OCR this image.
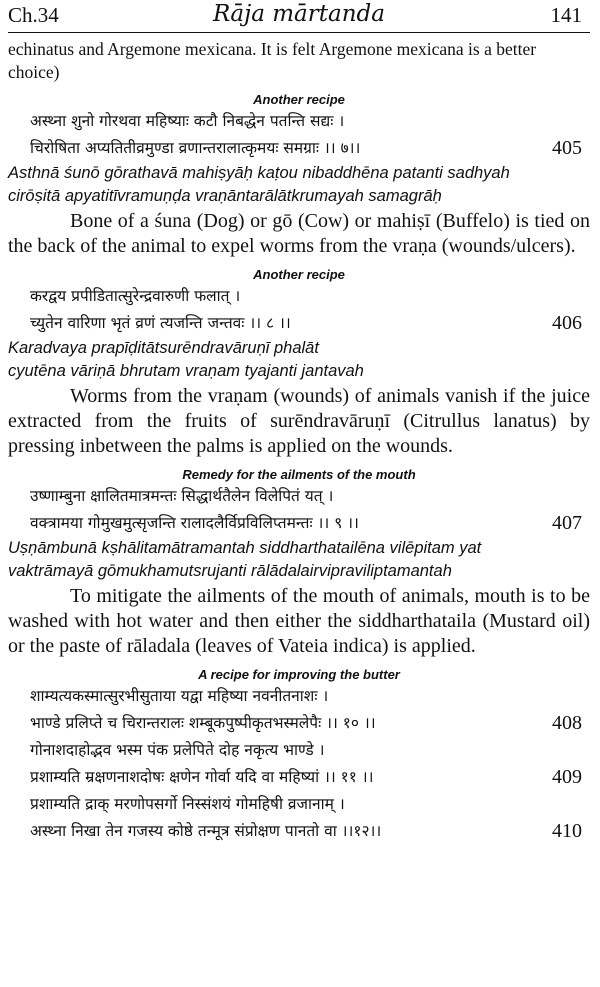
Ch.34	Rāja mārtanda	141

echinatus and Argemone mexicana. It is felt Argemone mexicana is a better choice)

Another recipe
अस्थ्ना शुनो गोरथवा महिष्याः कटौ निबद्धेन पतन्ति सद्यः ।
चिरोषिता अप्यतितीव्रमुण्डा व्रणान्तरालात्कृमयः समग्राः ।। ७।।	405
Asthnā śunō gōrathavā mahiṣyāḥ kaṭou nibaddhēna patanti sadhyah
cirōṣitā apyatitīvramuṇḍa vraṇāntarālātkrumayah samagrāḥ

Bone of a śuna (Dog) or gō (Cow) or mahiṣī (Buffelo) is tied on the back of the animal to expel worms from the vraṇa (wounds/ulcers).

Another recipe
करद्वय प्रपीडितात्सुरेन्द्रवारुणी फलात् ।
च्युतेन वारिणा भृतं व्रणं त्यजन्ति जन्तवः ।। ८ ।।	406
Karadvaya prapīḍitātsurēndravāruṇī phalāt
cyutēna vāriṇā bhrutam vraṇam tyajanti jantavah

Worms from the vraṇam (wounds) of animals vanish if the juice extracted from the fruits of surēndravāruṇī (Citrullus lanatus) by pressing inbetween the palms is applied on the wounds.

Remedy for the ailments of the mouth
उष्णाम्बुना क्षालितमात्रमन्तः सिद्धार्थतैलेन विलेपितं यत् ।
वक्त्रामया गोमुखमुत्सृजन्ति रालादलैर्विप्रविलिप्तमन्तः ।। ९ ।।	407
Uṣṇāmbunā kṣhālitamātramantah siddharthatailēna vilēpitam yat
vaktrāmayā gōmukhamutsrujanti rālādalairvipraviliptamantah

To mitigate the ailments of the mouth of animals, mouth is to be washed with hot water and then either the siddharthataila (Mustard oil) or the paste of rāladala (leaves of Vateia indica) is applied.

A recipe for improving the butter
शाम्यत्यकस्मात्सुरभीसुताया यद्वा महिष्या नवनीतनाशः ।
भाण्डे प्रलिप्ते च चिरान्तरालः शम्बूकपुष्पीकृतभस्मलेपैः ।। १० ।।	408
गोनाशदाहोद्भव भस्म पंक प्रलेपिते दोह नकृत्य भाण्डे ।
प्रशाम्यति म्रक्षणनाशदोषः क्षणेन गोर्वा यदि वा महिष्यां ।। ११ ।।	409
प्रशाम्यति द्राक् मरणोपसर्गो निस्संशयं गोमहिषी व्रजानाम् ।
अस्थ्ना निखा तेन गजस्य कोष्ठे तन्मूत्र संप्रोक्षण पानतो वा ।।१२।।	410
